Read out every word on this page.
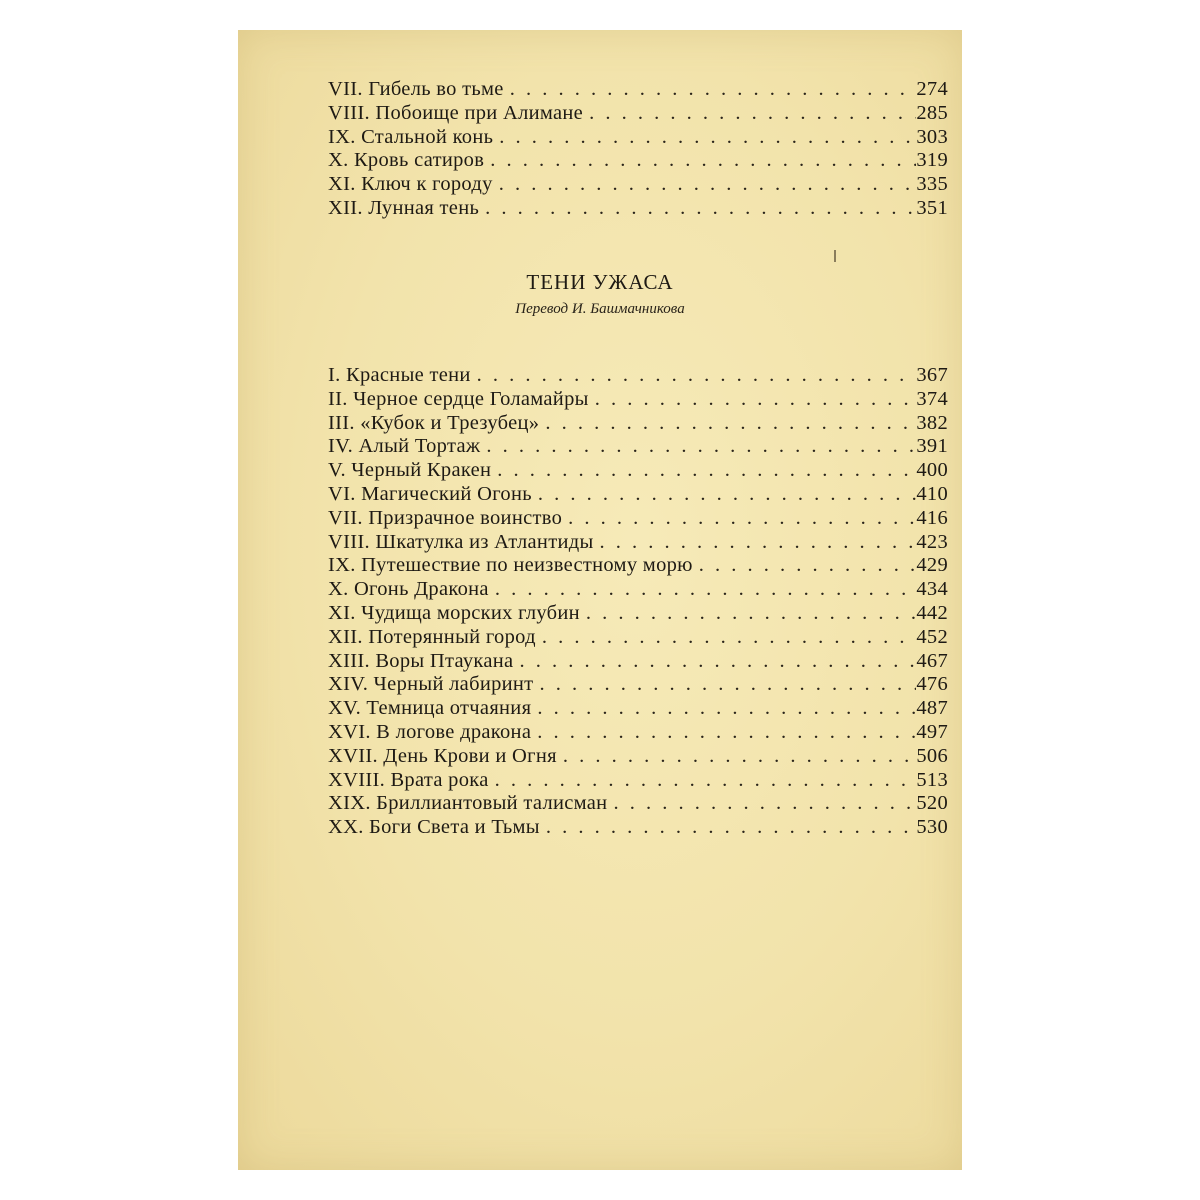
VII. Гибель во тьме . . .	274
VIII. Побоище при Алимане . . .	285
IX. Стальной конь . . .	303
X. Кровь сатиров . . .	319
XI. Ключ к городу . . .	335
XII. Лунная тень . . .	351
ТЕНИ УЖАСА
Перевод И. Башмачникова
I. Красные тени . . .	367
II. Черное сердце Голамайры . . .	374
III. «Кубок и Трезубец» . . .	382
IV. Алый Тортаж . . .	391
V. Черный Кракен . . .	400
VI. Магический Огонь . . .	410
VII. Призрачное воинство . . .	416
VIII. Шкатулка из Атлантиды . . .	423
IX. Путешествие по неизвестному морю . . .	429
X. Огонь Дракона . . .	434
XI. Чудища морских глубин . . .	442
XII. Потерянный город . . .	452
XIII. Воры Птаукана . . .	467
XIV. Черный лабиринт . . .	476
XV. Темница отчаяния . . .	487
XVI. В логове дракона . . .	497
XVII. День Крови и Огня . . .	506
XVIII. Врата рока . . .	513
XIX. Бриллиантовый талисман . . .	520
XX. Боги Света и Тьмы . . .	530
